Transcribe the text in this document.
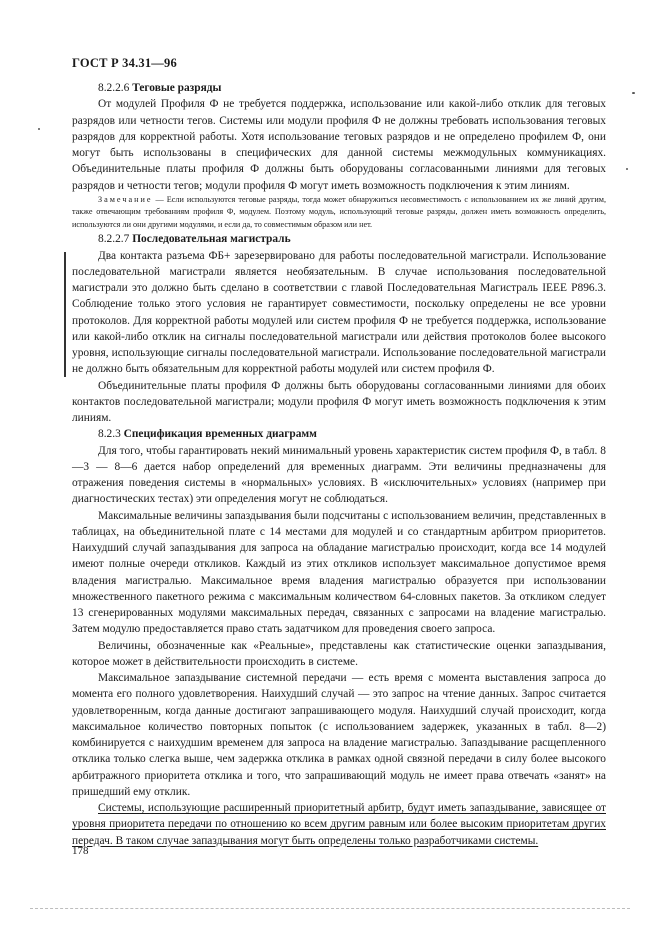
ГОСТ Р 34.31—96

8.2.2.6 Теговые разряды

От модулей Профиля Ф не требуется поддержка, использование или какой-либо отклик для теговых разрядов или четности тегов. Системы или модули профиля Ф не должны требовать использования теговых разрядов для корректной работы. Хотя использование теговых разрядов и не определено профилем Ф, они могут быть использованы в специфических для данной системы межмодульных коммуникациях. Объединительные платы профиля Ф должны быть оборудованы согласованными линиями для теговых разрядов и четности тегов; модули профиля Ф могут иметь возможность подключения к этим линиям.

Замечание — Если используются теговые разряды, тогда может обнаружиться несовместимость с использованием их же линий другим, также отвечающим требованиям профиля Ф, модулем. Поэтому модуль, использующий теговые разряды, должен иметь возможность определить, используются ли они другими модулями, и если да, то совместимым образом или нет.

8.2.2.7 Последовательная магистраль

Два контакта разъема ФБ+ зарезервировано для работы последовательной магистрали. Использование последовательной магистрали является необязательным. В случае использования последовательной магистрали это должно быть сделано в соответствии с главой Последовательная Магистраль IEEE P896.3. Соблюдение только этого условия не гарантирует совместимости, поскольку определены не все уровни протоколов. Для корректной работы модулей или систем профиля Ф не требуется поддержка, использование или какой-либо отклик на сигналы последовательной магистрали или действия протоколов более высокого уровня, использующие сигналы последовательной магистрали. Использование последовательной магистрали не должно быть обязательным для корректной работы модулей или систем профиля Ф.

Объединительные платы профиля Ф должны быть оборудованы согласованными линиями для обоих контактов последовательной магистрали; модули профиля Ф могут иметь возможность подключения к этим линиям.

8.2.3 Спецификация временных диаграмм

Для того, чтобы гарантировать некий минимальный уровень характеристик систем профиля Ф, в табл. 8—3 — 8—6 дается набор определений для временных диаграмм. Эти величины предназначены для отражения поведения системы в «нормальных» условиях. В «исключительных» условиях (например при диагностических тестах) эти определения могут не соблюдаться.

Максимальные величины запаздывания были подсчитаны с использованием величин, представленных в таблицах, на объединительной плате с 14 местами для модулей и со стандартным арбитром приоритетов. Наихудший случай запаздывания для запроса на обладание магистралью происходит, когда все 14 модулей имеют полные очереди откликов. Каждый из этих откликов использует максимальное допустимое время владения магистралью. Максимальное время владения магистралью образуется при использовании множественного пакетного режима с максимальным количеством 64-словных пакетов. За откликом следует 13 сгенерированных модулями максимальных передач, связанных с запросами на владение магистралью. Затем модулю предоставляется право стать задатчиком для проведения своего запроса.

Величины, обозначенные как «Реальные», представлены как статистические оценки запаздывания, которое может в действительности происходить в системе.

Максимальное запаздывание системной передачи — есть время с момента выставления запроса до момента его полного удовлетворения. Наихудший случай — это запрос на чтение данных. Запрос считается удовлетворенным, когда данные достигают запрашивающего модуля. Наихудший случай происходит, когда максимальное количество повторных попыток (с использованием задержек, указанных в табл. 8—2) комбинируется с наихудшим временем для запроса на владение магистралью. Запаздывание расщепленного отклика только слегка выше, чем задержка отклика в рамках одной связной передачи в силу более высокого арбитражного приоритета отклика и того, что запрашивающий модуль не имеет права отвечать «занят» на пришедший ему отклик.

Системы, использующие расширенный приоритетный арбитр, будут иметь запаздывание, зависящее от уровня приоритета передачи по отношению ко всем другим равным или более высоким приоритетам других передач. В таком случае запаздывания могут быть определены только разработчиками системы.

178
